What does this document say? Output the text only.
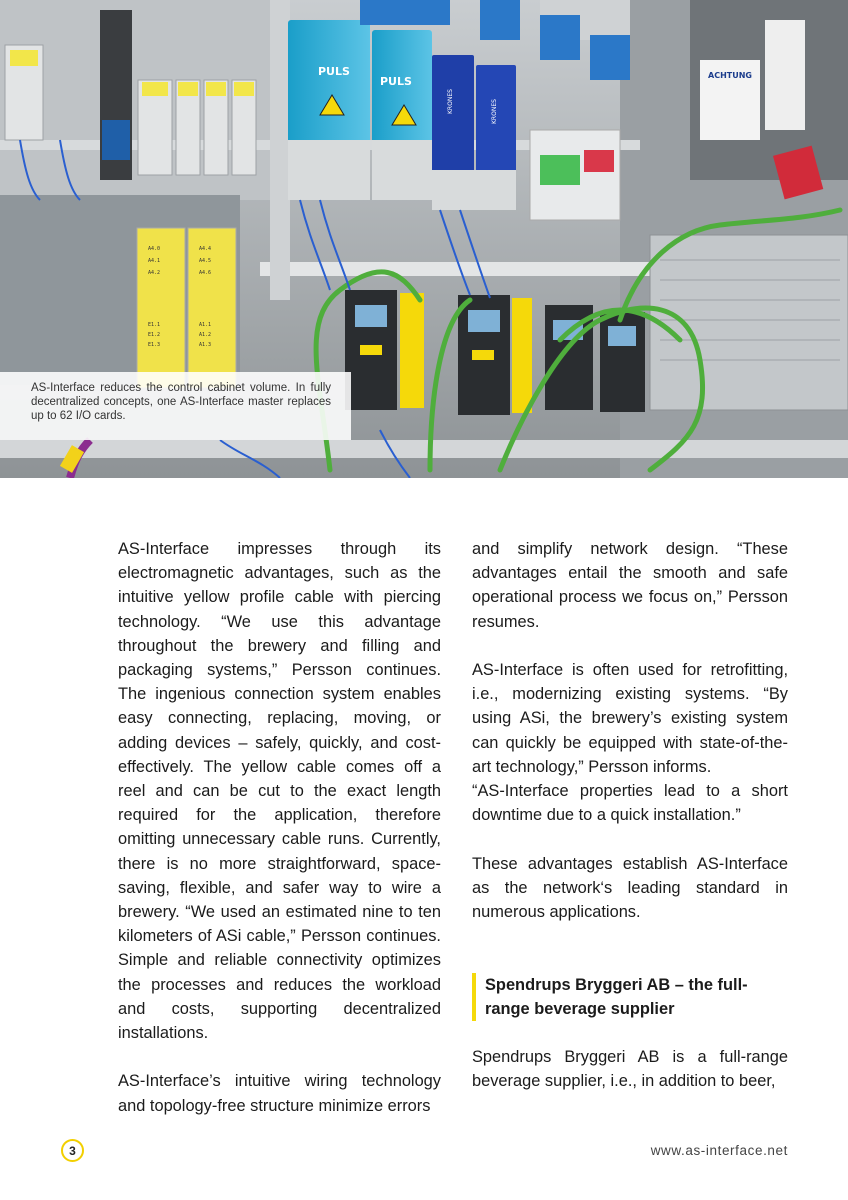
A4.0
A4.1
A4.2
E1.1
E1.2
E1.3
A4.4
A4.5
A4.6
A1.1
A1.2
A1.3
PULS
PULS
KRONES	KRONES
ACHTUNG
AS-Interface reduces the control cabinet volume. In fully decentralized concepts, one AS-Interface master replaces up to 62 I/O cards.

AS-Interface impresses through its electromagnetic advantages, such as the intuitive yellow profile cable with piercing technology. “We use this advantage throughout the brewery and filling and packaging systems,” Persson continues. The ingenious connection system enables easy connecting, replacing, moving, or adding devices – safely, quickly, and cost-effectively. The yellow cable comes off a reel and can be cut to the exact length required for the application, therefore omitting unnecessary cable runs. Currently, there is no more straightforward, space-saving, flexible, and safer way to wire a brewery. “We used an estimated nine to ten kilometers of ASi cable,” Persson continues. Simple and reliable connectivity optimizes the processes and reduces the workload and costs, supporting decentralized installations.

AS-Interface’s intuitive wiring technology and topology-free structure minimize errors

and simplify network design. “These advantages entail the smooth and safe operational process we focus on,” Persson resumes.

AS-Interface is often used for retrofitting, i.e., modernizing existing systems. “By using ASi, the brewery’s existing system can quickly be equipped with state-of-the-art technology,” Persson informs.

“AS-Interface properties lead to a short downtime due to a quick installation.”

These advantages establish AS-Interface as the network‘s leading standard in numerous applications.

Spendrups Bryggeri AB – the full-range beverage supplier

Spendrups Bryggeri AB is a full-range beverage supplier, i.e., in addition to beer,

3	www.as-interface.net
